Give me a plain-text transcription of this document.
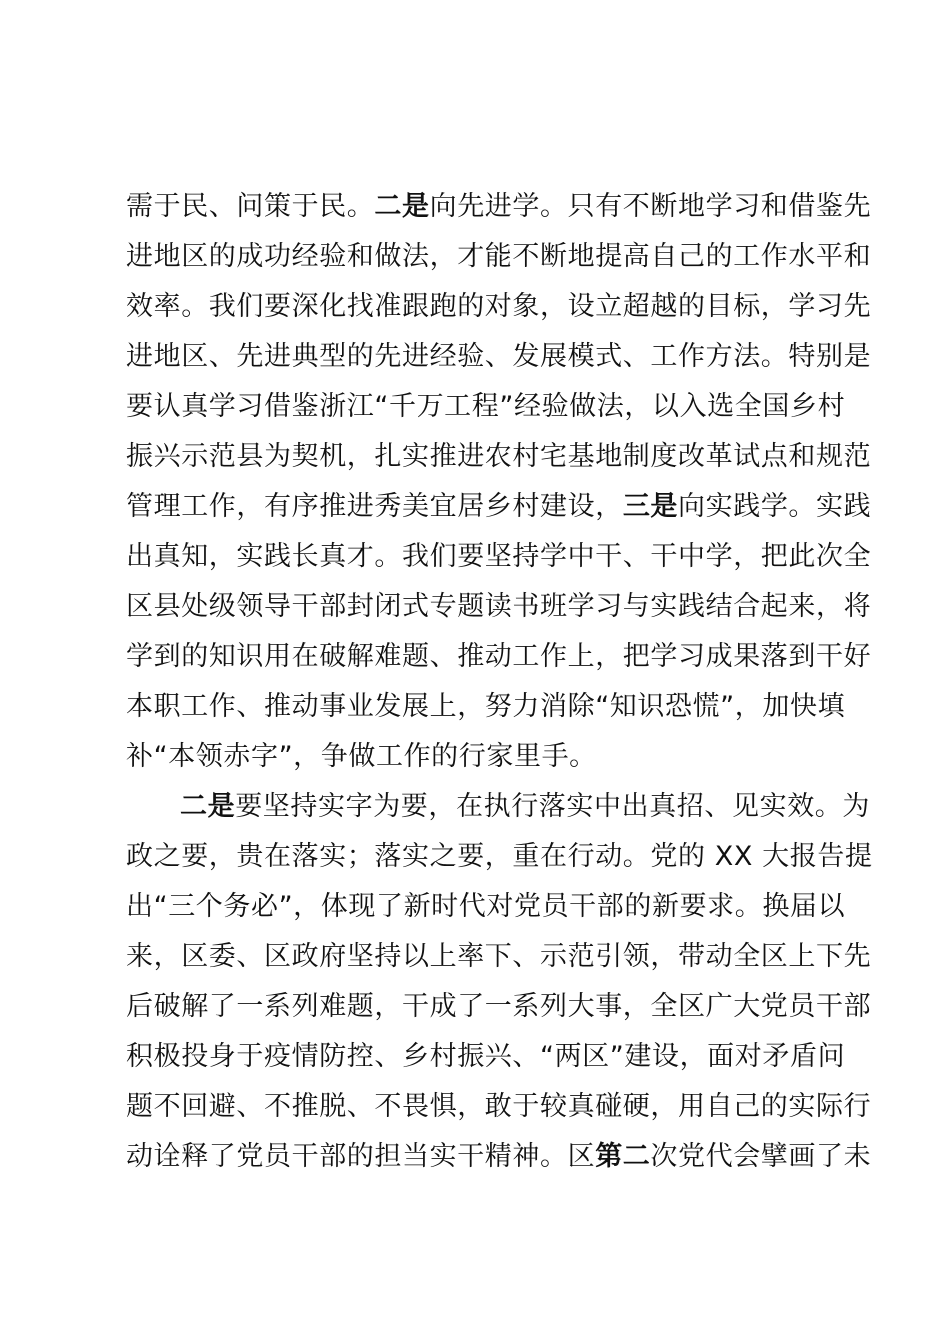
需于民、问策于民。二是向先进学。只有不断地学习和借鉴先
进地区的成功经验和做法，才能不断地提高自己的工作水平和
效率。我们要深化找准跟跑的对象，设立超越的目标，学习先
进地区、先进典型的先进经验、发展模式、工作方法。特别是
要认真学习借鉴浙江“千万工程”经验做法，以入选全国乡村
振兴示范县为契机，扎实推进农村宅基地制度改革试点和规范
管理工作，有序推进秀美宜居乡村建设，三是向实践学。实践
出真知，实践长真才。我们要坚持学中干、干中学，把此次全
区县处级领导干部封闭式专题读书班学习与实践结合起来，将
学到的知识用在破解难题、推动工作上，把学习成果落到干好
本职工作、推动事业发展上，努力消除“知识恐慌”，加快填
补“本领赤字”，争做工作的行家里手。
二是要坚持实字为要，在执行落实中出真招、见实效。为
政之要，贵在落实；落实之要，重在行动。党的 XX 大报告提
出“三个务必”，体现了新时代对党员干部的新要求。换届以
来，区委、区政府坚持以上率下、示范引领，带动全区上下先
后破解了一系列难题，干成了一系列大事，全区广大党员干部
积极投身于疫情防控、乡村振兴、“两区”建设，面对矛盾问
题不回避、不推脱、不畏惧，敢于较真碰硬，用自己的实际行
动诠释了党员干部的担当实干精神。区第二次党代会擘画了未
